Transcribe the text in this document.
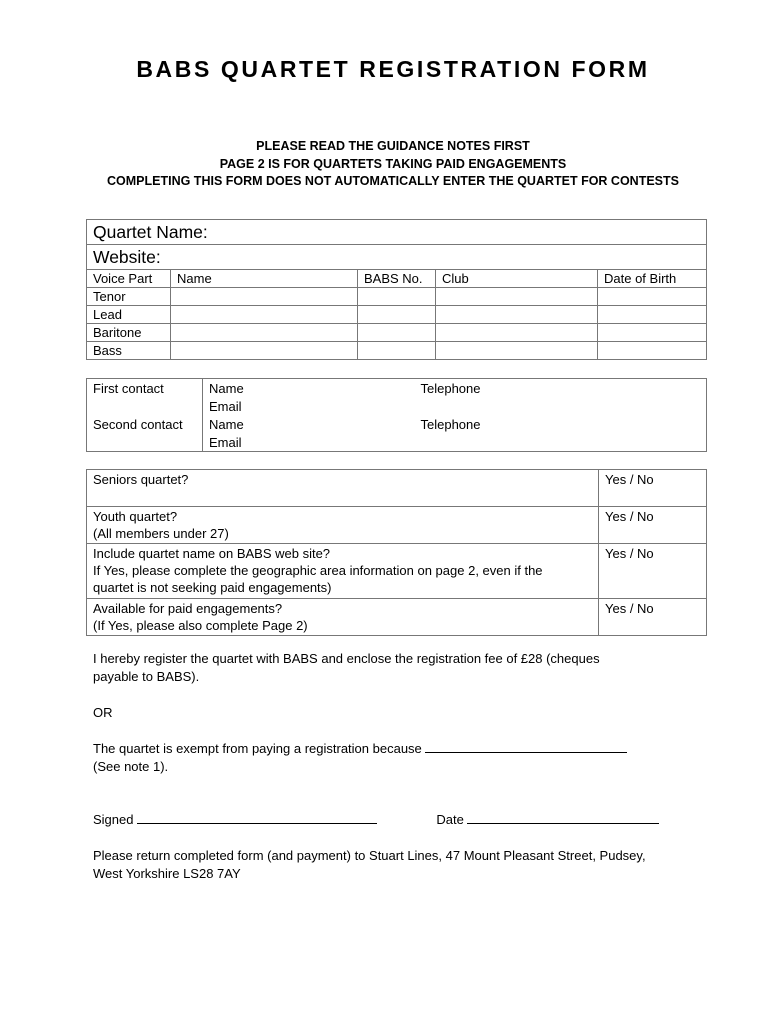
BABS QUARTET REGISTRATION FORM
PLEASE READ THE GUIDANCE NOTES FIRST
PAGE 2 IS FOR QUARTETS TAKING PAID ENGAGEMENTS
COMPLETING THIS FORM DOES NOT AUTOMATICALLY ENTER THE QUARTET FOR CONTESTS
Quartet Name:				
Website:				
Voice Part	Name	BABS No.	Club	Date of Birth
Tenor				
Lead				
Baritone				
Bass				
First contact	Name	Telephone
	Email	
Second contact	Name	Telephone
	Email	
Seniors quartet?	Yes / No

Youth quartet?
(All members under 27)	Yes / No

Include quartet name on BABS web site?
If Yes, please complete the geographic area information on page 2, even if the
quartet is not seeking paid engagements)	Yes / No

Available for paid engagements?
(If Yes, please also complete Page 2)	Yes / No
I hereby register the quartet with BABS and enclose the registration fee of £28 (cheques
payable to BABS).
OR
The quartet is exempt from paying a registration because
(See note 1).
Signed	Date
Please return completed form (and payment) to Stuart Lines, 47 Mount Pleasant Street, Pudsey,
West Yorkshire LS28 7AY
